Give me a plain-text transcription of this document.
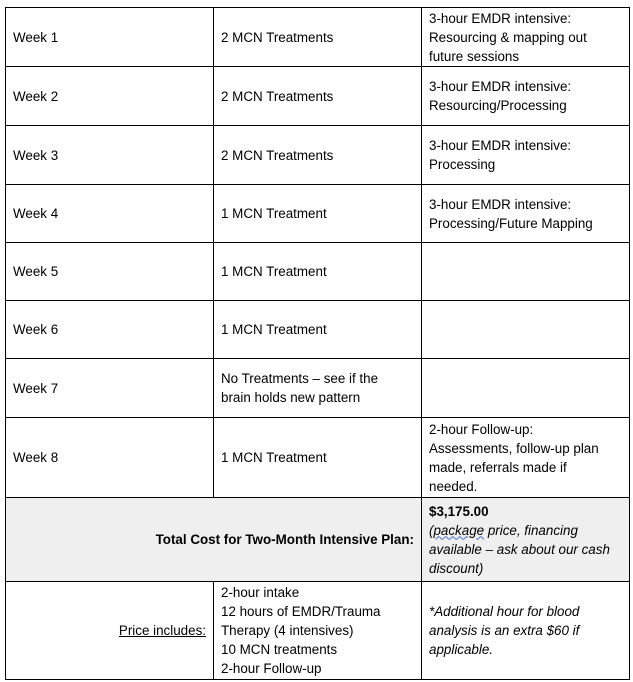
Week 1	2 MCN Treatments	3-hour EMDR intensive:
Resourcing & mapping out
future sessions

Week 2	2 MCN Treatments	3-hour EMDR intensive:
Resourcing/Processing

Week 3	2 MCN Treatments	3-hour EMDR intensive:
Processing

Week 4	1 MCN Treatment	3-hour EMDR intensive:
Processing/Future Mapping

Week 5	1 MCN Treatment	
Week 6	1 MCN Treatment	
Week 7	No Treatments – see if the
brain holds new pattern	

Week 8	1 MCN Treatment	2-hour Follow-up:
Assessments, follow-up plan
made, referrals made if
needed.

Total Cost for Two-Month Intensive Plan:		$3,175.00
(package price, financing
available – ask about our cash
discount)

Price includes:	2-hour intake
12 hours of EMDR/Trauma
Therapy (4 intensives)
10 MCN treatments
2-hour Follow-up	*Additional hour for blood
analysis is an extra $60 if
applicable.
